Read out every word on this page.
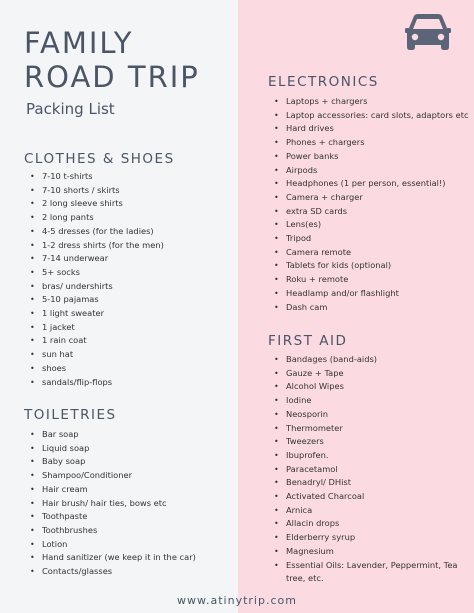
FAMILY
ROAD TRIP
Packing List
CLOTHES & SHOES
• 7-10 t-shirts
• 7-10 shorts / skirts
• 2 long sleeve shirts
• 2 long pants
• 4-5 dresses (for the ladies)
• 1-2 dress shirts (for the men)
• 7-14 underwear
• 5+ socks
• bras/ undershirts
• 5-10 pajamas
• 1 light sweater
• 1 jacket
• 1 rain coat
• sun hat
• shoes
• sandals/flip-flops
TOILETRIES
• Bar soap
• Liquid soap
• Baby soap
• Shampoo/Conditioner
• Hair cream
• Hair brush/ hair ties, bows etc
• Toothpaste
• Toothbrushes
• Lotion
• Hand sanitizer (we keep it in the car)
• Contacts/glasses
ELECTRONICS
• Laptops + chargers
• Laptop accessories: card slots, adaptors etc
• Hard drives
• Phones + chargers
• Power banks
• Airpods
• Headphones (1 per person, essential!)
• Camera + charger
• extra SD cards
• Lens(es)
• Tripod
• Camera remote
• Tablets for kids (optional)
• Roku + remote
• Headlamp and/or flashlight
• Dash cam
FIRST AID
• Bandages (band-aids)
• Gauze + Tape
• Alcohol Wipes
• Iodine
• Neosporin
• Thermometer
• Tweezers
• Ibuprofen.
• Paracetamol
• Benadryl/ DHist
• Activated Charcoal
• Arnica
• Allacin drops
• Elderberry syrup
• Magnesium
• Essential Oils: Lavender, Peppermint, Tea tree, etc.
www.atinytrip.com
